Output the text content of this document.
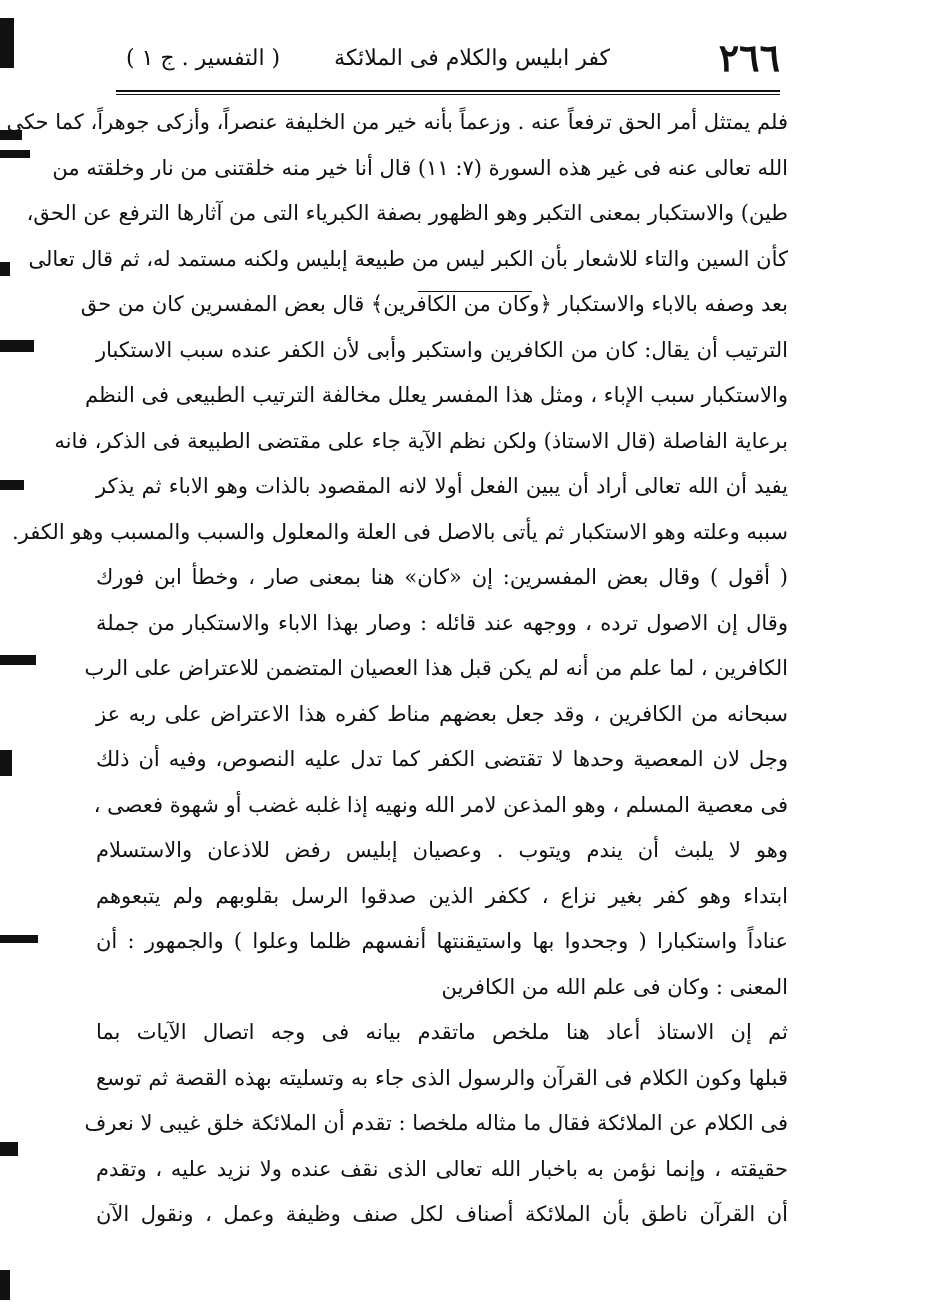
٢٦٦
كفر ابليس والكلام فى الملائكة
( التفسير . ج ١ )
فلم يمتثل أمر الحق ترفعاً عنه . وزعماً بأنه خير من الخليفة عنصراً، وأزكى جوهراً، كما حكى
الله تعالى عنه فى غير هذه السورة (٧: ١١) قال أنا خير منه خلقتنى من نار وخلقته من
طين) والاستكبار بمعنى التكبر وهو الظهور بصفة الكبرياء التى من آثارها الترفع عن الحق،
كأن السين والتاء للاشعار بأن الكبر ليس من طبيعة إبليس ولكنه مستمد له، ثم قال تعالى
بعد وصفه بالاباء والاستكبار ﴿وكان من الكافرين﴾ قال بعض المفسرين كان من حق
الترتيب أن يقال: كان من الكافرين واستكبر وأبى لأن الكفر عنده سبب الاستكبار
والاستكبار سبب الإباء ، ومثل هذا المفسر يعلل مخالفة الترتيب الطبيعى فى النظم
برعاية الفاصلة (قال الاستاذ) ولكن نظم الآية جاء على مقتضى الطبيعة فى الذكر، فانه
يفيد أن الله تعالى أراد أن يبين الفعل أولا لانه المقصود بالذات وهو الاباء ثم يذكر
سببه وعلته وهو الاستكبار ثم يأتى بالاصل فى العلة والمعلول والسبب والمسبب وهو الكفر.
( أقول ) وقال بعض المفسرين: إن «كان» هنا بمعنى صار ، وخطأ ابن فورك
وقال إن الاصول ترده ، ووجهه عند قائله : وصار بهذا الاباء والاستكبار من جملة
الكافرين ، لما علم من أنه لم يكن قبل هذا العصيان المتضمن للاعتراض على الرب
سبحانه من الكافرين ، وقد جعل بعضهم مناط كفره هذا الاعتراض على ربه عز
وجل لان المعصية وحدها لا تقتضى الكفر كما تدل عليه النصوص، وفيه أن ذلك
فى معصية المسلم ، وهو المذعن لامر الله ونهيه إذا غلبه غضب أو شهوة فعصى ،
وهو لا يلبث أن يندم ويتوب . وعصيان إبليس رفض للاذعان والاستسلام
ابتداء وهو كفر بغير نزاع ، ككفر الذين صدقوا الرسل بقلوبهم ولم يتبعوهم
عناداً واستكبارا ( وجحدوا بها واستيقنتها أنفسهم ظلما وعلوا ) والجمهور : أن
المعنى : وكان فى علم الله من الكافرين
ثم إن الاستاذ أعاد هنا ملخص ماتقدم بيانه فى وجه اتصال الآيات بما
قبلها وكون الكلام فى القرآن والرسول الذى جاء به وتسليته بهذه القصة ثم توسع
فى الكلام عن الملائكة فقال ما مثاله ملخصا : تقدم أن الملائكة خلق غيبى لا نعرف
حقيقته ، وإنما نؤمن به باخبار الله تعالى الذى نقف عنده ولا نزيد عليه ، وتقدم
أن القرآن ناطق بأن الملائكة أصناف لكل صنف وظيفة وعمل ، ونقول الآن
